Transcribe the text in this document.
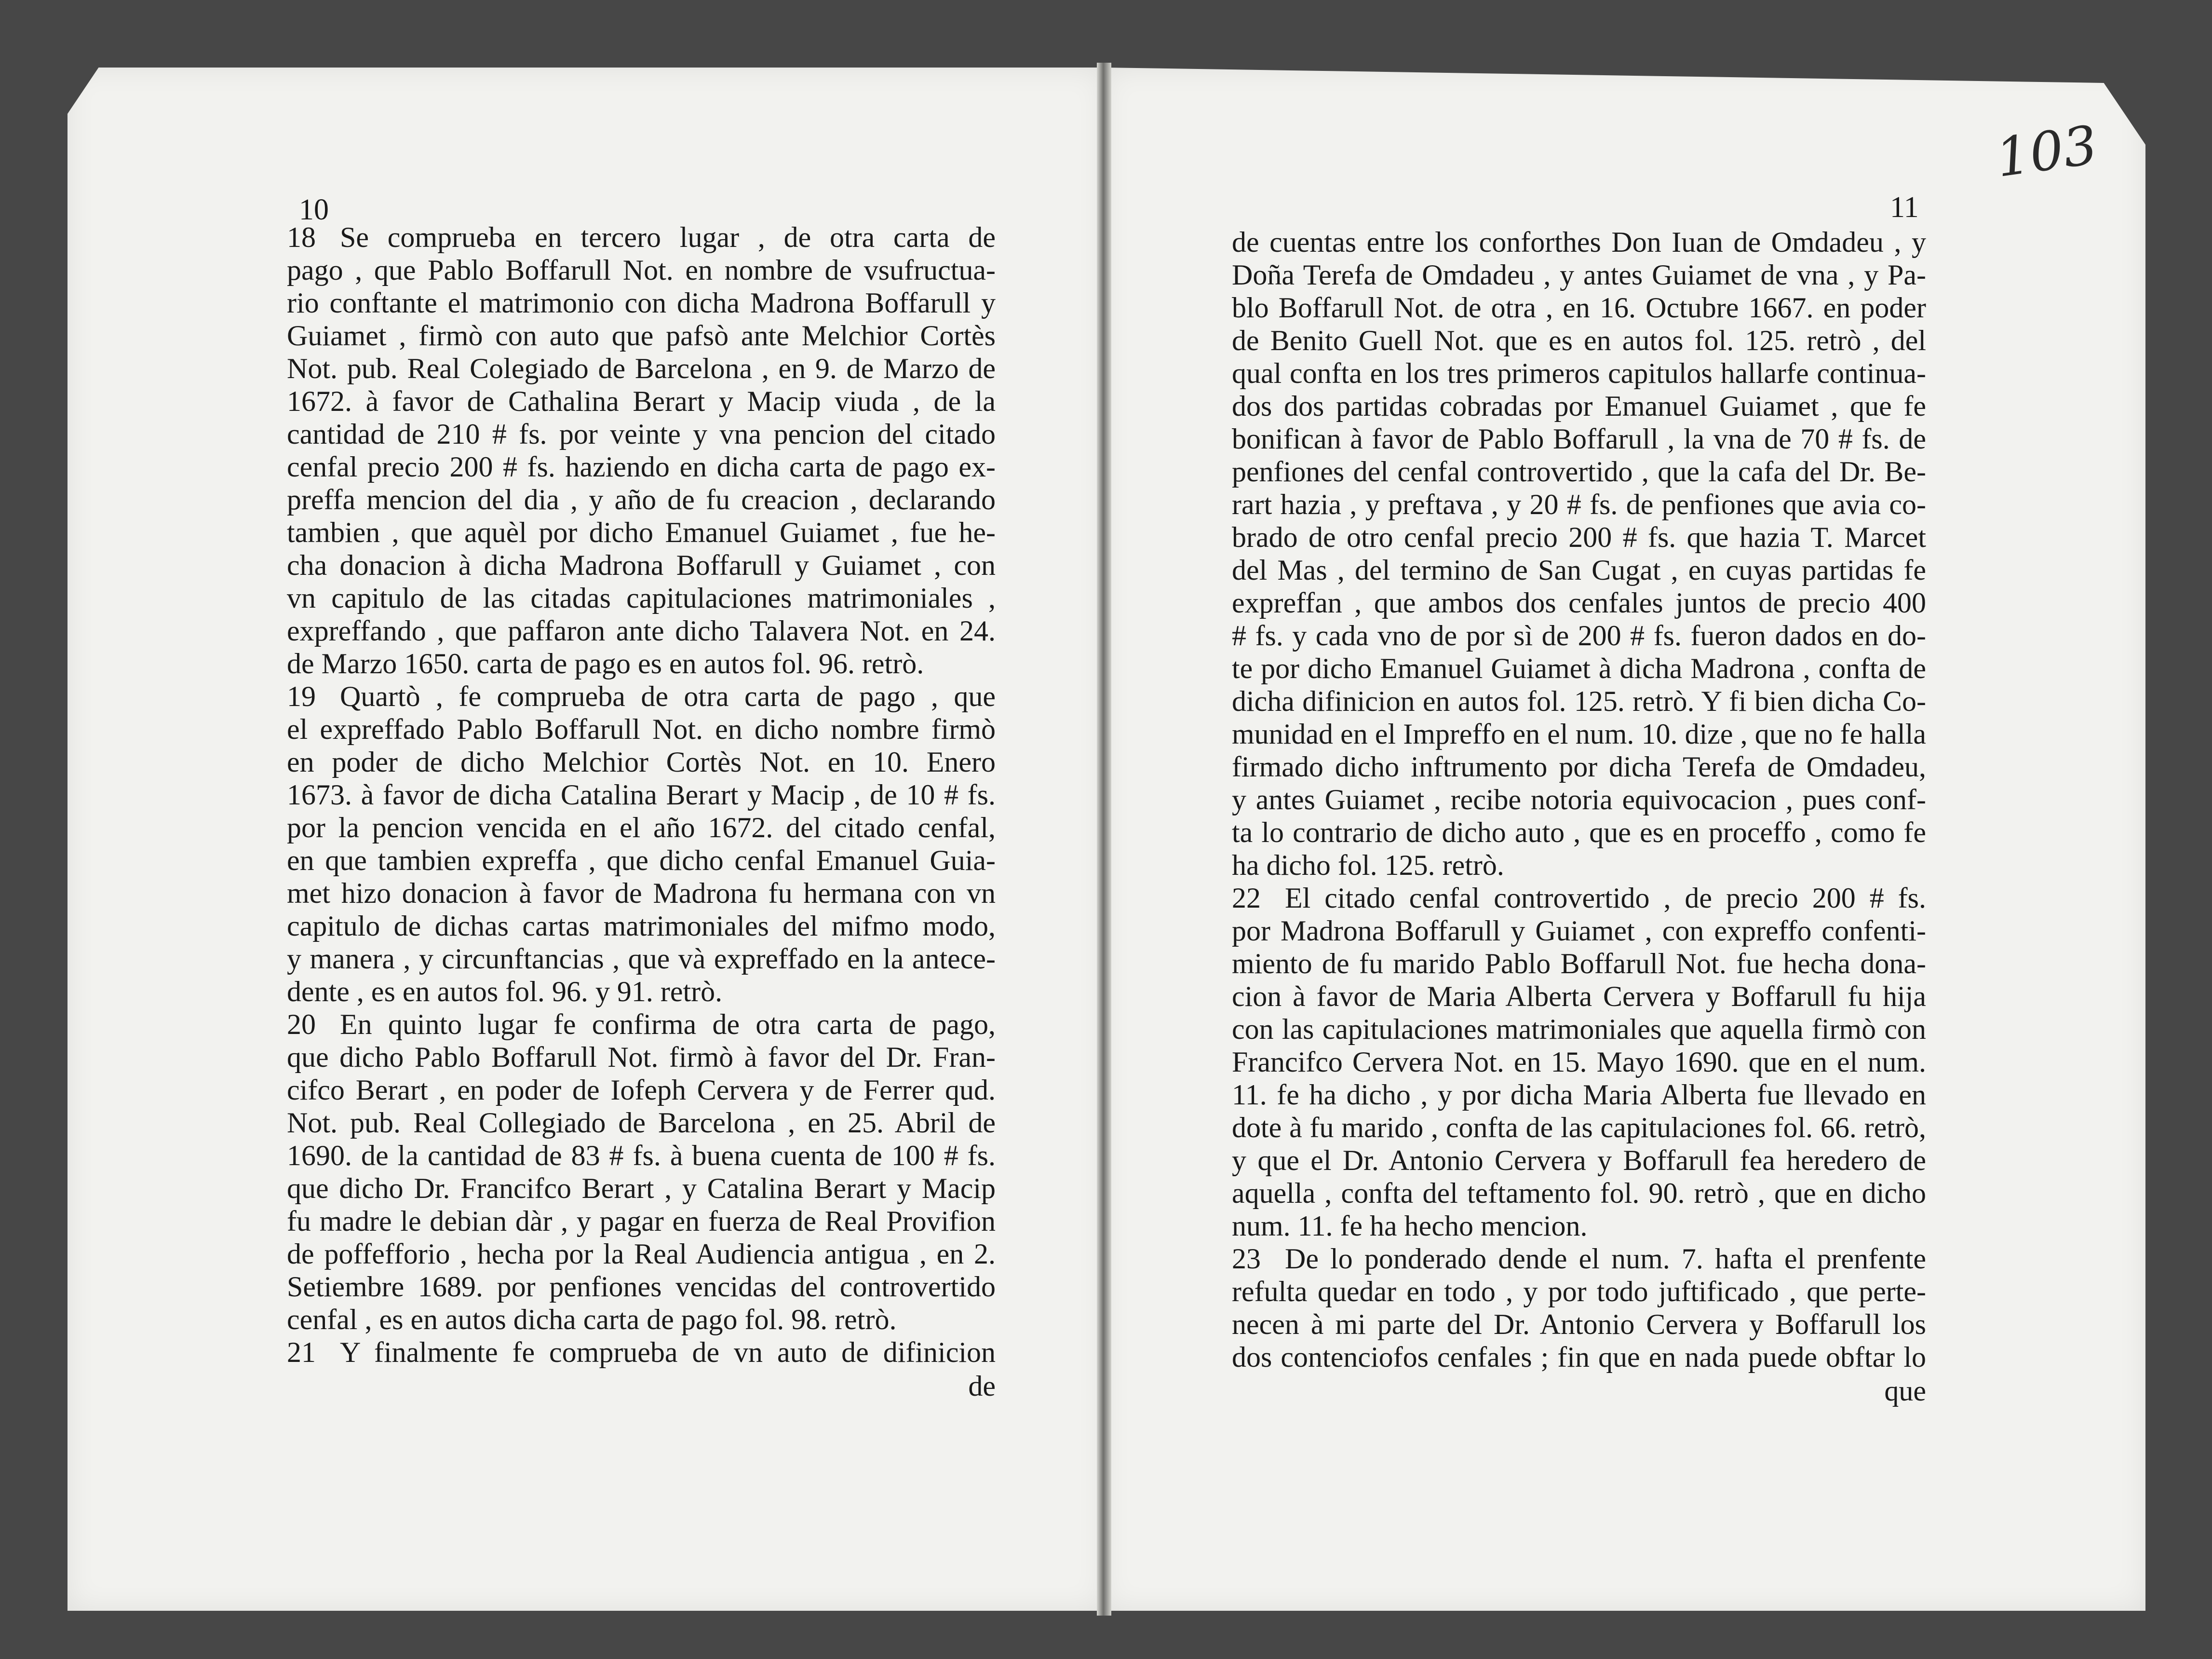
10	11
103
18 Se comprueba en tercero lugar , de otra carta de
pago , que Pablo Boffarull Not. en nombre de vsufructua-
rio conftante el matrimonio con dicha Madrona Boffarull y
Guiamet , firmò con auto que pafsò ante Melchior Cortès
Not. pub. Real Colegiado de Barcelona , en 9. de Marzo de
1672. à favor de Cathalina Berart y Macip viuda , de la
cantidad de 210 # fs. por veinte y vna pencion del citado
cenfal precio 200 # fs. haziendo en dicha carta de pago ex-
preffa mencion del dia , y año de fu creacion , declarando
tambien , que aquèl por dicho Emanuel Guiamet , fue he-
cha donacion à dicha Madrona Boffarull y Guiamet , con
vn capitulo de las citadas capitulaciones matrimoniales ,
expreffando , que paffaron ante dicho Talavera Not. en 24.
de Marzo 1650. carta de pago es en autos fol. 96. retrò.
19 Quartò , fe comprueba de otra carta de pago , que
el expreffado Pablo Boffarull Not. en dicho nombre firmò
en poder de dicho Melchior Cortès Not. en 10. Enero
1673. à favor de dicha Catalina Berart y Macip , de 10 # fs.
por la pencion vencida en el año 1672. del citado cenfal,
en que tambien expreffa , que dicho cenfal Emanuel Guia-
met hizo donacion à favor de Madrona fu hermana con vn
capitulo de dichas cartas matrimoniales del mifmo modo,
y manera , y circunftancias , que và expreffado en la antece-
dente , es en autos fol. 96. y 91. retrò.
20 En quinto lugar fe confirma de otra carta de pago,
que dicho Pablo Boffarull Not. firmò à favor del Dr. Fran-
cifco Berart , en poder de Iofeph Cervera y de Ferrer qud.
Not. pub. Real Collegiado de Barcelona , en 25. Abril de
1690. de la cantidad de 83 # fs. à buena cuenta de 100 # fs.
que dicho Dr. Francifco Berart , y Catalina Berart y Macip
fu madre le debian dàr , y pagar en fuerza de Real Provifion
de poffefforio , hecha por la Real Audiencia antigua , en 2.
Setiembre 1689. por penfiones vencidas del controvertido
cenfal , es en autos dicha carta de pago fol. 98. retrò.
21 Y finalmente fe comprueba de vn auto de difinicion
de
de cuentas entre los conforthes Don Iuan de Omdadeu , y
Doña Terefa de Omdadeu , y antes Guiamet de vna , y Pa-
blo Boffarull Not. de otra , en 16. Octubre 1667. en poder
de Benito Guell Not. que es en autos fol. 125. retrò , del
qual confta en los tres primeros capitulos hallarfe continua-
dos dos partidas cobradas por Emanuel Guiamet , que fe
bonifican à favor de Pablo Boffarull , la vna de 70 # fs. de
penfiones del cenfal controvertido , que la cafa del Dr. Be-
rart hazia , y preftava , y 20 # fs. de penfiones que avia co-
brado de otro cenfal precio 200 # fs. que hazia T. Marcet
del Mas , del termino de San Cugat , en cuyas partidas fe
expreffan , que ambos dos cenfales juntos de precio 400
# fs. y cada vno de por sì de 200 # fs. fueron dados en do-
te por dicho Emanuel Guiamet à dicha Madrona , confta de
dicha difinicion en autos fol. 125. retrò. Y fi bien dicha Co-
munidad en el Impreffo en el num. 10. dize , que no fe halla
firmado dicho inftrumento por dicha Terefa de Omdadeu,
y antes Guiamet , recibe notoria equivocacion , pues conf-
ta lo contrario de dicho auto , que es en proceffo , como fe
ha dicho fol. 125. retrò.
22 El citado cenfal controvertido , de precio 200 # fs.
por Madrona Boffarull y Guiamet , con expreffo confenti-
miento de fu marido Pablo Boffarull Not. fue hecha dona-
cion à favor de Maria Alberta Cervera y Boffarull fu hija
con las capitulaciones matrimoniales que aquella firmò con
Francifco Cervera Not. en 15. Mayo 1690. que en el num.
11. fe ha dicho , y por dicha Maria Alberta fue llevado en
dote à fu marido , confta de las capitulaciones fol. 66. retrò,
y que el Dr. Antonio Cervera y Boffarull fea heredero de
aquella , confta del teftamento fol. 90. retrò , que en dicho
num. 11. fe ha hecho mencion.
23 De lo ponderado dende el num. 7. hafta el prenfente
refulta quedar en todo , y por todo juftificado , que perte-
necen à mi parte del Dr. Antonio Cervera y Boffarull los
dos contenciofos cenfales ; fin que en nada puede obftar lo
que
